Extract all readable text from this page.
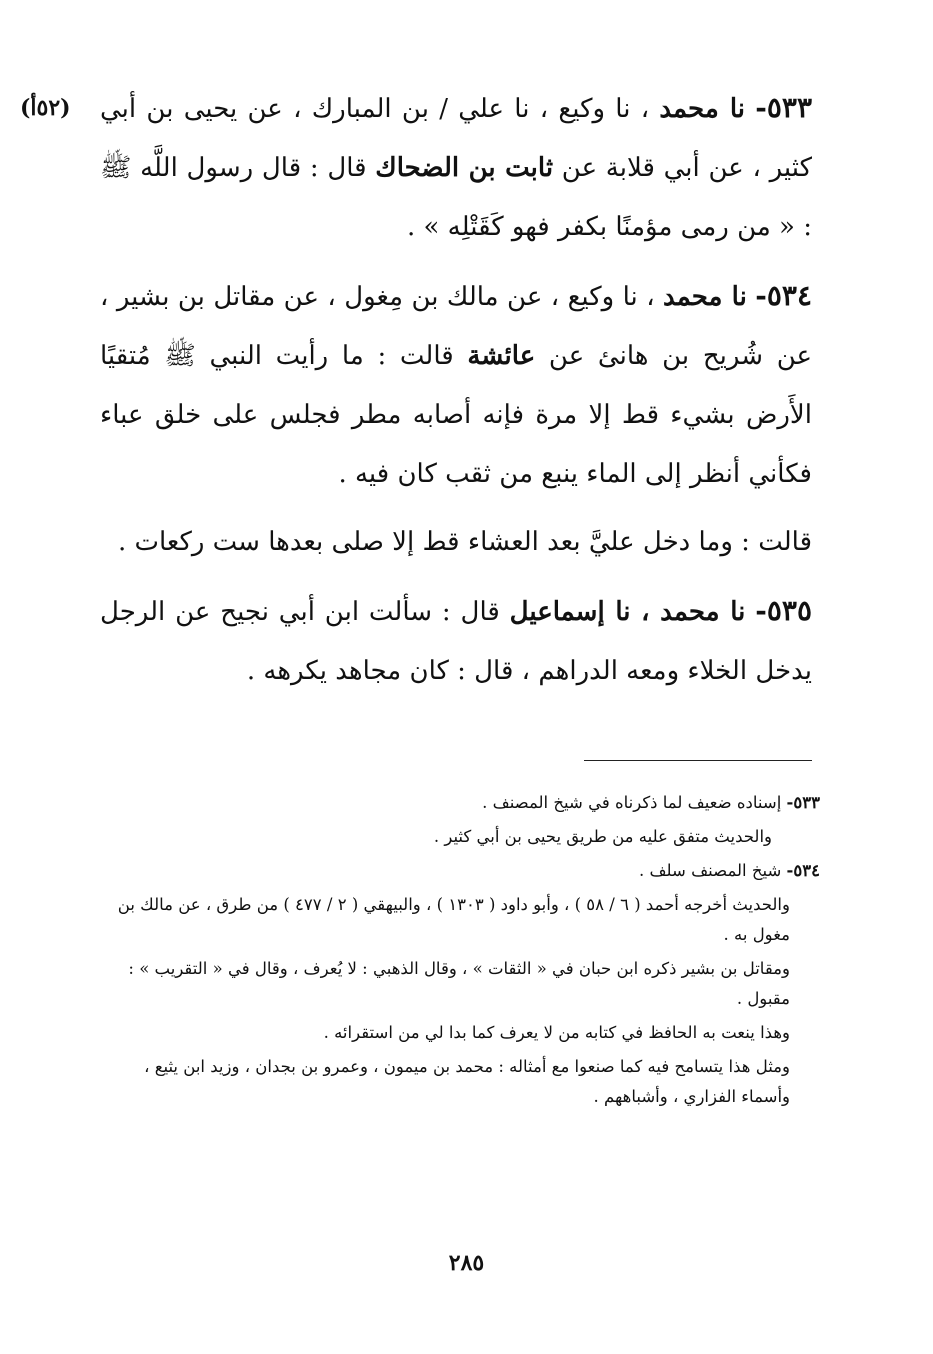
(٥٢أ)	٥٣٣- نا محمد ، نا وكيع ، نا علي / بن المبارك ، عن يحيى بن أبي كثير ، عن أبي قلابة عن ثابت بن الضحاك قال : قال رسول اللَّه ﷺ : « من رمى مؤمنًا بكفر فهو كَقَتْلِه » .

٥٣٤- نا محمد ، نا وكيع ، عن مالك بن مِغول ، عن مقاتل بن بشير ، عن شُريح بن هانئ عن عائشة قالت : ما رأيت النبي ﷺ مُتقيًا الأَرض بشيء قط إلا مرة فإنه أصابه مطر فجلس على خلق عباء فكأني أنظر إلى الماء ينبع من ثقب كان فيه .

قالت : وما دخل عليَّ بعد العشاء قط إلا صلى بعدها ست ركعات .

٥٣٥- نا محمد ، نا إسماعيل قال : سألت ابن أبي نجيح عن الرجل يدخل الخلاء ومعه الدراهم ، قال : كان مجاهد يكرهه .

٥٣٣- إسناده ضعيف لما ذكرناه في شيخ المصنف .

والحديث متفق عليه من طريق يحيى بن أبي كثير .

٥٣٤- شيخ المصنف سلف .

والحديث أخرجه أحمد ( ٦ / ٥٨ ) ، وأبو داود ( ١٣٠٣ ) ، والبيهقي ( ٢ / ٤٧٧ ) من طرق ، عن مالك بن مغول به .

ومقاتل بن بشير ذكره ابن حبان في « الثقات » ، وقال الذهبي : لا يُعرف ، وقال في « التقريب » : مقبول .

وهذا ينعت به الحافظ في كتابه من لا يعرف كما بدا لي من استقرائه .

ومثل هذا يتسامح فيه كما صنعوا مع أمثاله : محمد بن ميمون ، وعمرو بن بجدان ، وزيد ابن يثيع ، وأسماء الفزاري ، وأشباههم .

٢٨٥
